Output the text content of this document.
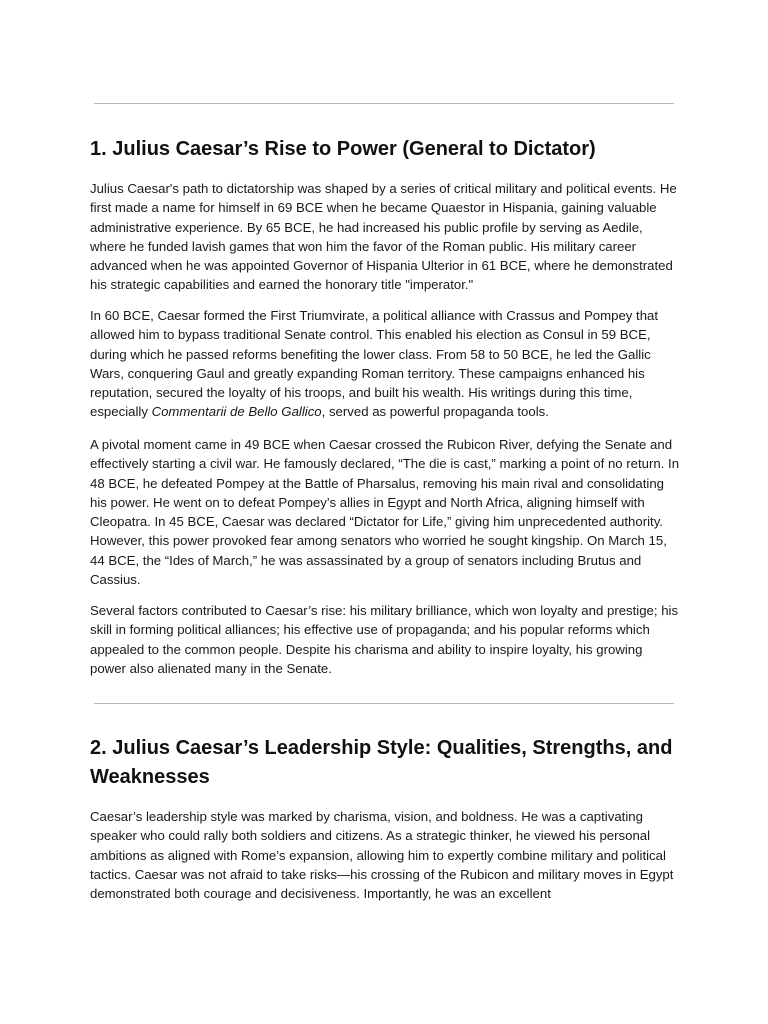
1. Julius Caesar’s Rise to Power (General to Dictator)

Julius Caesar's path to dictatorship was shaped by a series of critical military and political events. He first made a name for himself in 69 BCE when he became Quaestor in Hispania, gaining valuable administrative experience. By 65 BCE, he had increased his public profile by serving as Aedile, where he funded lavish games that won him the favor of the Roman public. His military career advanced when he was appointed Governor of Hispania Ulterior in 61 BCE, where he demonstrated his strategic capabilities and earned the honorary title "imperator."

In 60 BCE, Caesar formed the First Triumvirate, a political alliance with Crassus and Pompey that allowed him to bypass traditional Senate control. This enabled his election as Consul in 59 BCE, during which he passed reforms benefiting the lower class. From 58 to 50 BCE, he led the Gallic Wars, conquering Gaul and greatly expanding Roman territory. These campaigns enhanced his reputation, secured the loyalty of his troops, and built his wealth. His writings during this time, especially Commentarii de Bello Gallico, served as powerful propaganda tools.

A pivotal moment came in 49 BCE when Caesar crossed the Rubicon River, defying the Senate and effectively starting a civil war. He famously declared, “The die is cast,” marking a point of no return. In 48 BCE, he defeated Pompey at the Battle of Pharsalus, removing his main rival and consolidating his power. He went on to defeat Pompey’s allies in Egypt and North Africa, aligning himself with Cleopatra. In 45 BCE, Caesar was declared “Dictator for Life,” giving him unprecedented authority. However, this power provoked fear among senators who worried he sought kingship. On March 15, 44 BCE, the “Ides of March,” he was assassinated by a group of senators including Brutus and Cassius.

Several factors contributed to Caesar’s rise: his military brilliance, which won loyalty and prestige; his skill in forming political alliances; his effective use of propaganda; and his popular reforms which appealed to the common people. Despite his charisma and ability to inspire loyalty, his growing power also alienated many in the Senate.

2. Julius Caesar’s Leadership Style: Qualities, Strengths, and Weaknesses

Caesar’s leadership style was marked by charisma, vision, and boldness. He was a captivating speaker who could rally both soldiers and citizens. As a strategic thinker, he viewed his personal ambitions as aligned with Rome’s expansion, allowing him to expertly combine military and political tactics. Caesar was not afraid to take risks—his crossing of the Rubicon and military moves in Egypt demonstrated both courage and decisiveness. Importantly, he was an excellent
